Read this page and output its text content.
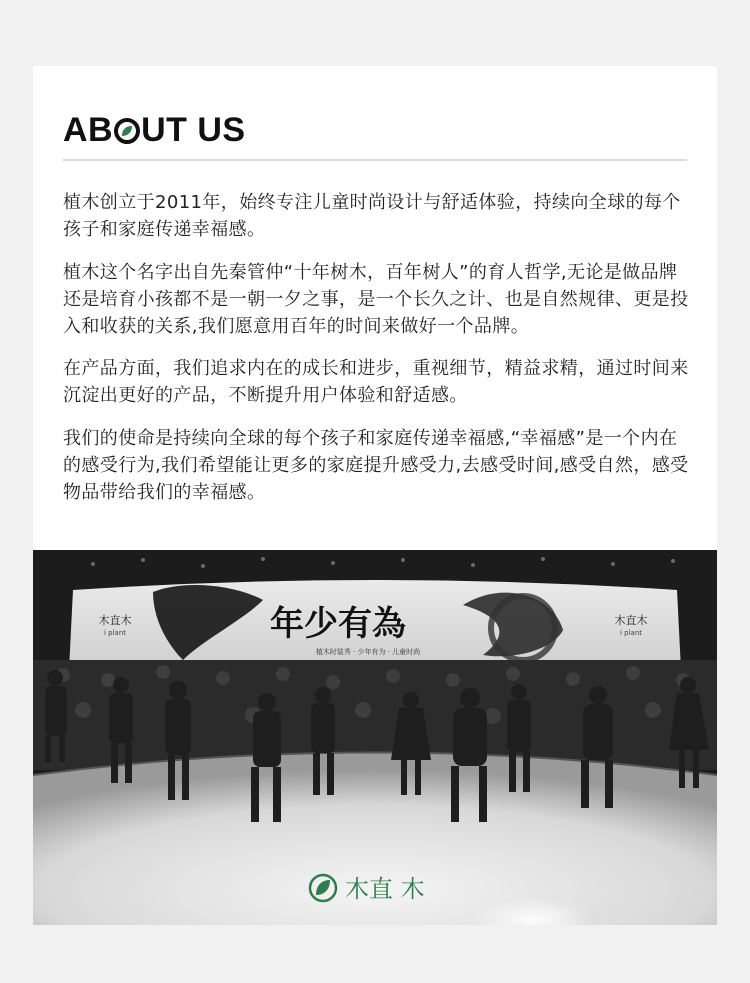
AB UT US

植木创立于2011年，始终专注儿童时尚设计与舒适体验，持续向全球的每个孩子和家庭传递幸福感。

植木这个名字出自先秦管仲“十年树木，百年树人”的育人哲学,无论是做品牌还是培育小孩都不是一朝一夕之事，是一个长久之计、也是自然规律、更是投入和收获的关系,我们愿意用百年的时间来做好一个品牌。

在产品方面，我们追求内在的成长和进步，重视细节，精益求精，通过时间来沉淀出更好的产品，不断提升用户体验和舒适感。

我们的使命是持续向全球的每个孩子和家庭传递幸福感,“幸福感”是一个内在的感受行为,我们希望能让更多的家庭提升感受力,去感受时间,感受自然，感受物品带给我们的幸福感。

年少有為
植木时装秀 · 少年有为 · 儿童时尚
木直木
i plant
木直木
i plant
木直 木
